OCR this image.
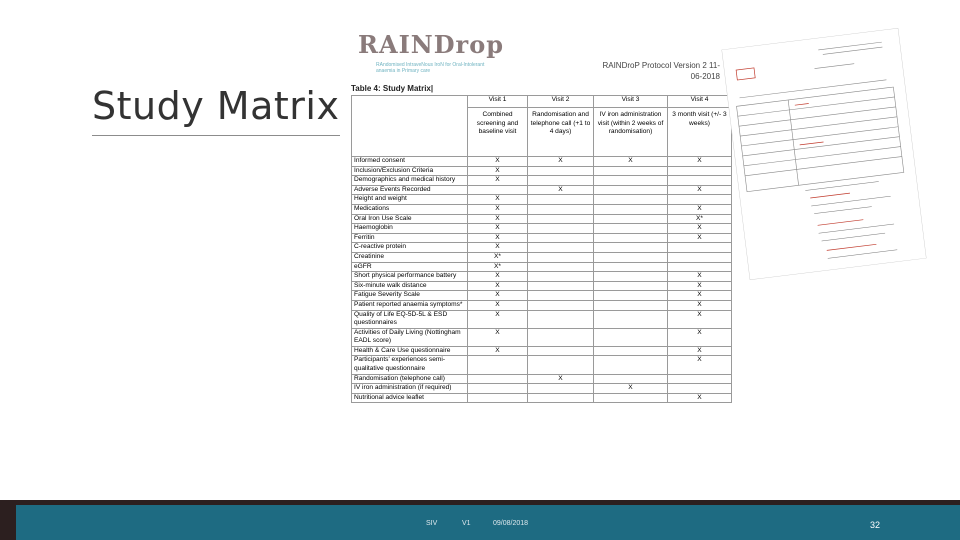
Study Matrix
RAINDrop
RAndomised IntraveNous IroN for Oral-Intolerant
anaemia in Primary care
RAINDroP Protocol Version 2 11-06-2018
Table 4: Study Matrix|
	Visit 1	Visit 2	Visit 3	Visit 4
	Combined screening and baseline visit	Randomisation and telephone call (+1 to 4 days)	IV iron administration visit (within 2 weeks of randomisation)	3 month visit (+/- 3 weeks)
Informed consent	X	X	X	X
Inclusion/Exclusion Criteria	X			
Demographics and medical history	X			
Adverse Events Recorded		X		X
Height and weight	X			
Medications	X			X
Oral Iron Use Scale	X			X*
Haemoglobin	X			X
Ferritin	X			X
C-reactive protein	X			
Creatinine	X*			
eGFR	X*			
Short physical performance battery	X			X
Six-minute walk distance	X			X
Fatigue Severity Scale	X			X
Patient reported anaemia symptoms*	X			X
Quality of Life EQ-5D-5L & ESD questionnaires	X			X
Activities of Daily Living (Nottingham EADL score)	X			X
Health & Care Use questionnaire	X			X
Participants' experiences semi-qualitative questionnaire				X
Randomisation (telephone call)		X		
IV iron administration (if required)			X	
Nutritional advice leaflet				X
SIV	V1	09/08/2018	32
